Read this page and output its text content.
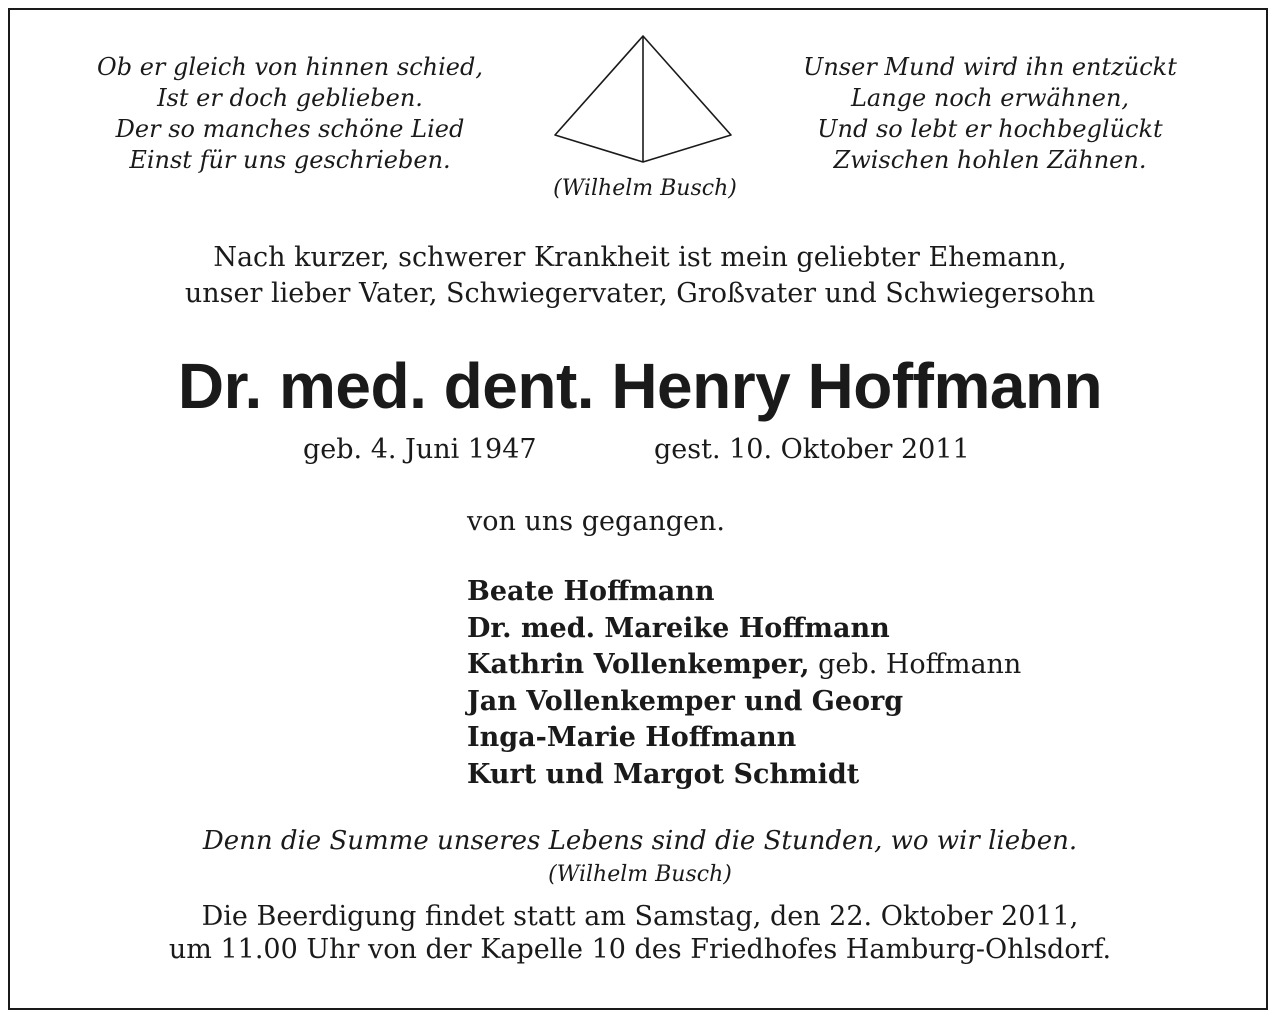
Ob er gleich von hinnen schied,
Ist er doch geblieben.
Der so manches schöne Lied
Einst für uns geschrieben.
(Wilhelm Busch)
Unser Mund wird ihn entzückt
Lange noch erwähnen,
Und so lebt er hochbeglückt
Zwischen hohlen Zähnen.
Nach kurzer, schwerer Krankheit ist mein geliebter Ehemann,
unser lieber Vater, Schwiegervater, Großvater und Schwiegersohn
Dr. med. dent. Henry Hoffmann
geb. 4. Juni 1947	gest. 10. Oktober 2011
von uns gegangen.
Beate Hoffmann
Dr. med. Mareike Hoffmann
Kathrin Vollenkemper, geb. Hoffmann
Jan Vollenkemper und Georg
Inga-Marie Hoffmann
Kurt und Margot Schmidt
Denn die Summe unseres Lebens sind die Stunden, wo wir lieben.
(Wilhelm Busch)
Die Beerdigung findet statt am Samstag, den 22. Oktober 2011,
um 11.00 Uhr von der Kapelle 10 des Friedhofes Hamburg-Ohlsdorf.
